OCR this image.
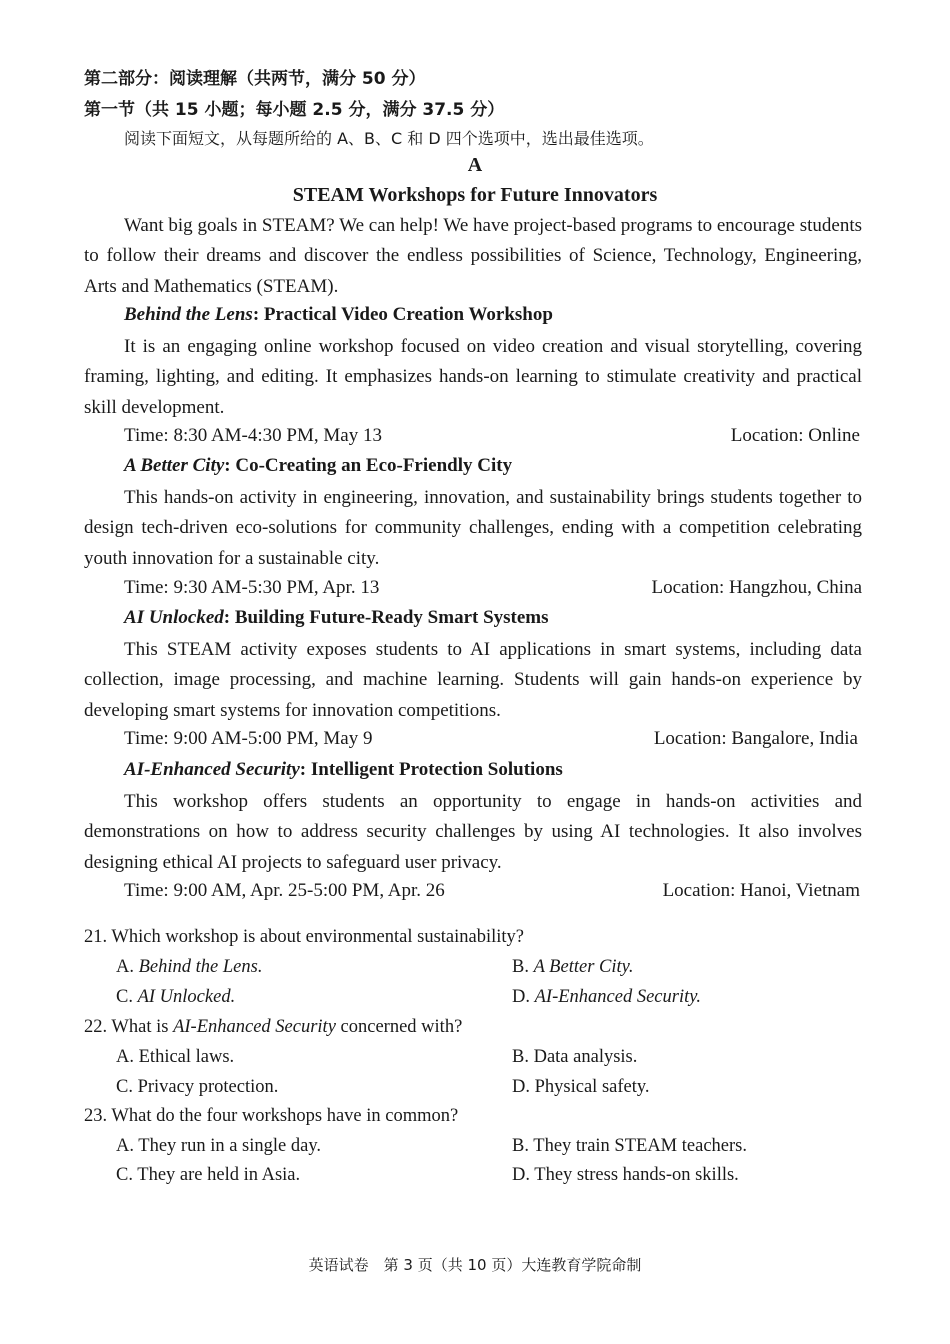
第二部分：阅读理解（共两节，满分 50 分）
第一节（共 15 小题；每小题 2.5 分，满分 37.5 分）
阅读下面短文，从每题所给的 A、B、C 和 D 四个选项中，选出最佳选项。
A
STEAM Workshops for Future Innovators
Want big goals in STEAM? We can help! We have project-based programs to encourage students to follow their dreams and discover the endless possibilities of Science, Technology, Engineering, Arts and Mathematics (STEAM).
Behind the Lens: Practical Video Creation Workshop
It is an engaging online workshop focused on video creation and visual storytelling, covering framing, lighting, and editing. It emphasizes hands-on learning to stimulate creativity and practical skill development.
Time: 8:30 AM-4:30 PM, May 13	Location: Online
A Better City: Co-Creating an Eco-Friendly City
This hands-on activity in engineering, innovation, and sustainability brings students together to design tech-driven eco-solutions for community challenges, ending with a competition celebrating youth innovation for a sustainable city.
Time: 9:30 AM-5:30 PM, Apr. 13	Location: Hangzhou, China
AI Unlocked: Building Future-Ready Smart Systems
This STEAM activity exposes students to AI applications in smart systems, including data collection, image processing, and machine learning. Students will gain hands-on experience by developing smart systems for innovation competitions.
Time: 9:00 AM-5:00 PM, May 9	Location: Bangalore, India
AI-Enhanced Security: Intelligent Protection Solutions
This workshop offers students an opportunity to engage in hands-on activities and demonstrations on how to address security challenges by using AI technologies. It also involves designing ethical AI projects to safeguard user privacy.
Time: 9:00 AM, Apr. 25-5:00 PM, Apr. 26	Location: Hanoi, Vietnam
21. Which workshop is about environmental sustainability?
A. Behind the Lens.	B. A Better City.
C. AI Unlocked.	D. AI-Enhanced Security.
22. What is AI-Enhanced Security concerned with?
A. Ethical laws.	B. Data analysis.
C. Privacy protection.	D. Physical safety.
23. What do the four workshops have in common?
A. They run in a single day.	B. They train STEAM teachers.
C. They are held in Asia.	D. They stress hands-on skills.
英语试卷　第 3 页（共 10 页）大连教育学院命制
